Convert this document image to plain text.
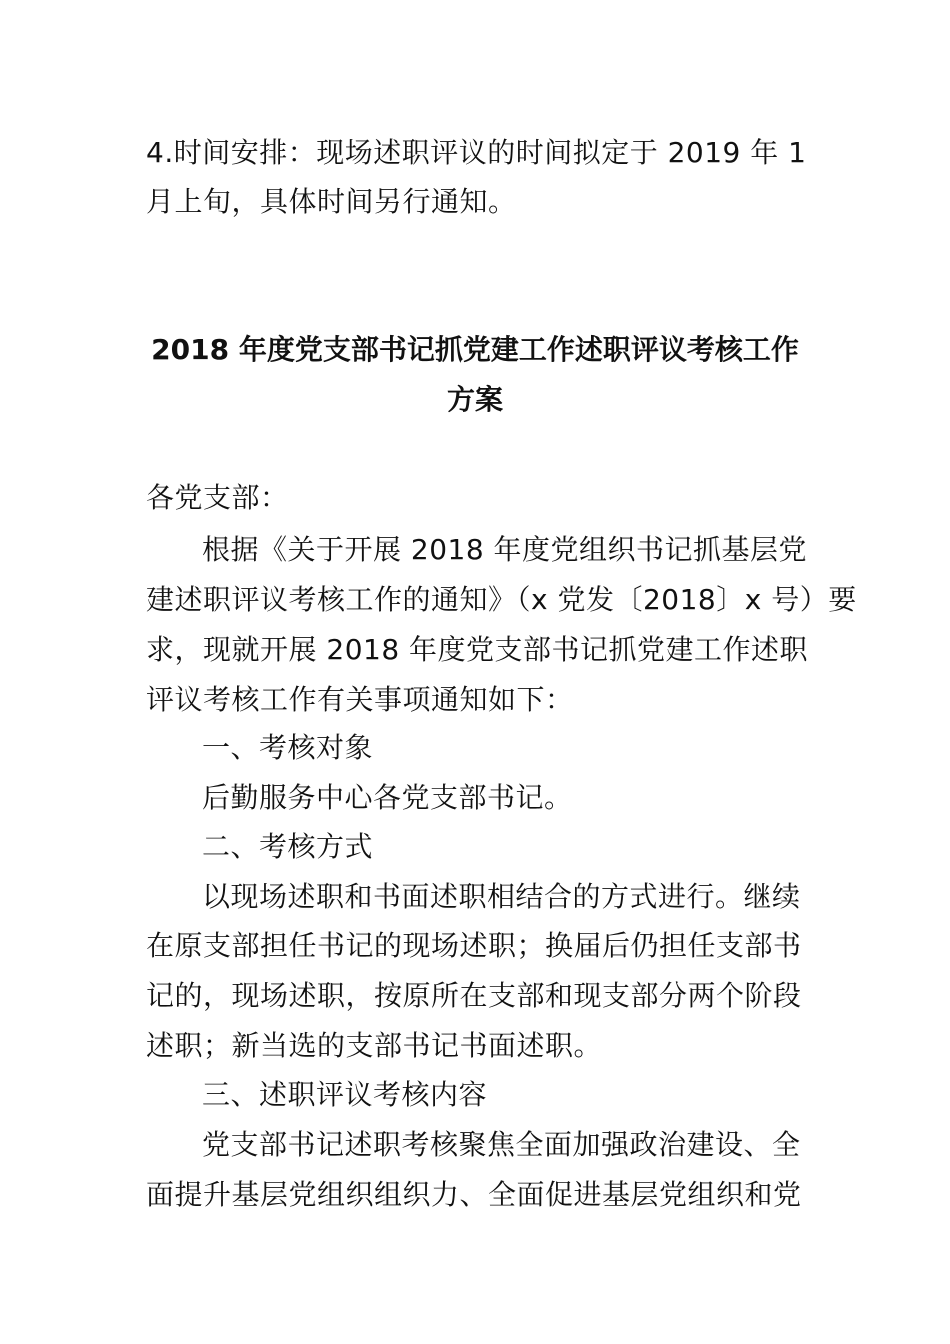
4.时间安排：现场述职评议的时间拟定于 2019 年 1
月上旬，具体时间另行通知。
2018 年度党支部书记抓党建工作述职评议考核工作
方案
各党支部：
根据《关于开展 2018 年度党组织书记抓基层党
建述职评议考核工作的通知》（x 党发〔2018〕x 号）要
求，现就开展 2018 年度党支部书记抓党建工作述职
评议考核工作有关事项通知如下：
一、考核对象
后勤服务中心各党支部书记。
二、考核方式
以现场述职和书面述职相结合的方式进行。继续
在原支部担任书记的现场述职；换届后仍担任支部书
记的，现场述职，按原所在支部和现支部分两个阶段
述职；新当选的支部书记书面述职。
三、述职评议考核内容
党支部书记述职考核聚焦全面加强政治建设、全
面提升基层党组织组织力、全面促进基层党组织和党
